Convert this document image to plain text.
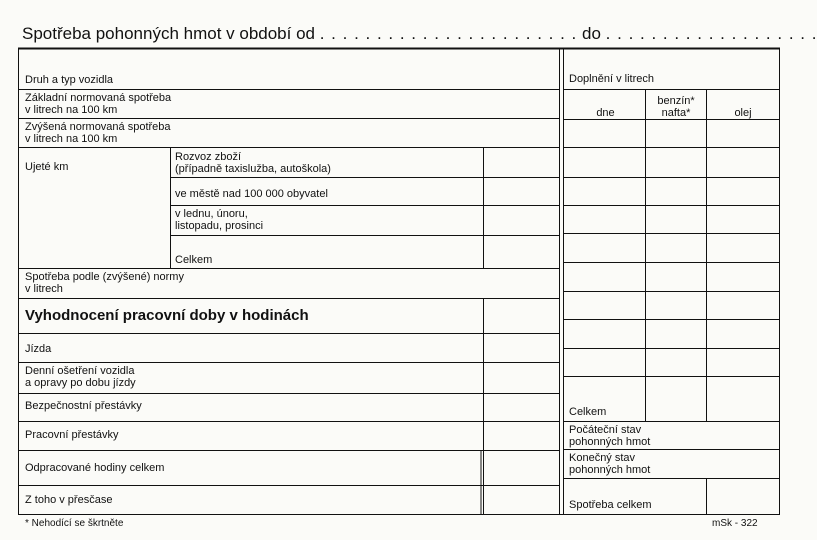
Spotřeba pohonných hmot v období od . . . . . . . . . . . . . . . . . . . . . . . do . . . . . . . . . . . . . . . . . . .
Druh a typ vozidla
Základní normovaná spotřeba
v litrech na 100 km
Zvýšená normovaná spotřeba
v litrech na 100 km
Ujeté km
Rozvoz zboží
(případně taxislužba, autoškola)
ve městě nad 100 000 obyvatel
v lednu, únoru,
listopadu, prosinci
Celkem
Spotřeba podle (zvýšené) normy
v litrech
Vyhodnocení pracovní doby v hodinách
Jízda
Denní ošetření vozidla
a opravy po dobu jízdy
Bezpečnostní přestávky
Pracovní přestávky
Odpracované hodiny celkem
Z toho v přesčase
Doplnění v litrech
dne
benzín*
nafta*	olej
Celkem
Počáteční stav
pohonných hmot
Konečný stav
pohonných hmot
Spotřeba celkem
* Nehodící se škrtněte	mSk - 322
